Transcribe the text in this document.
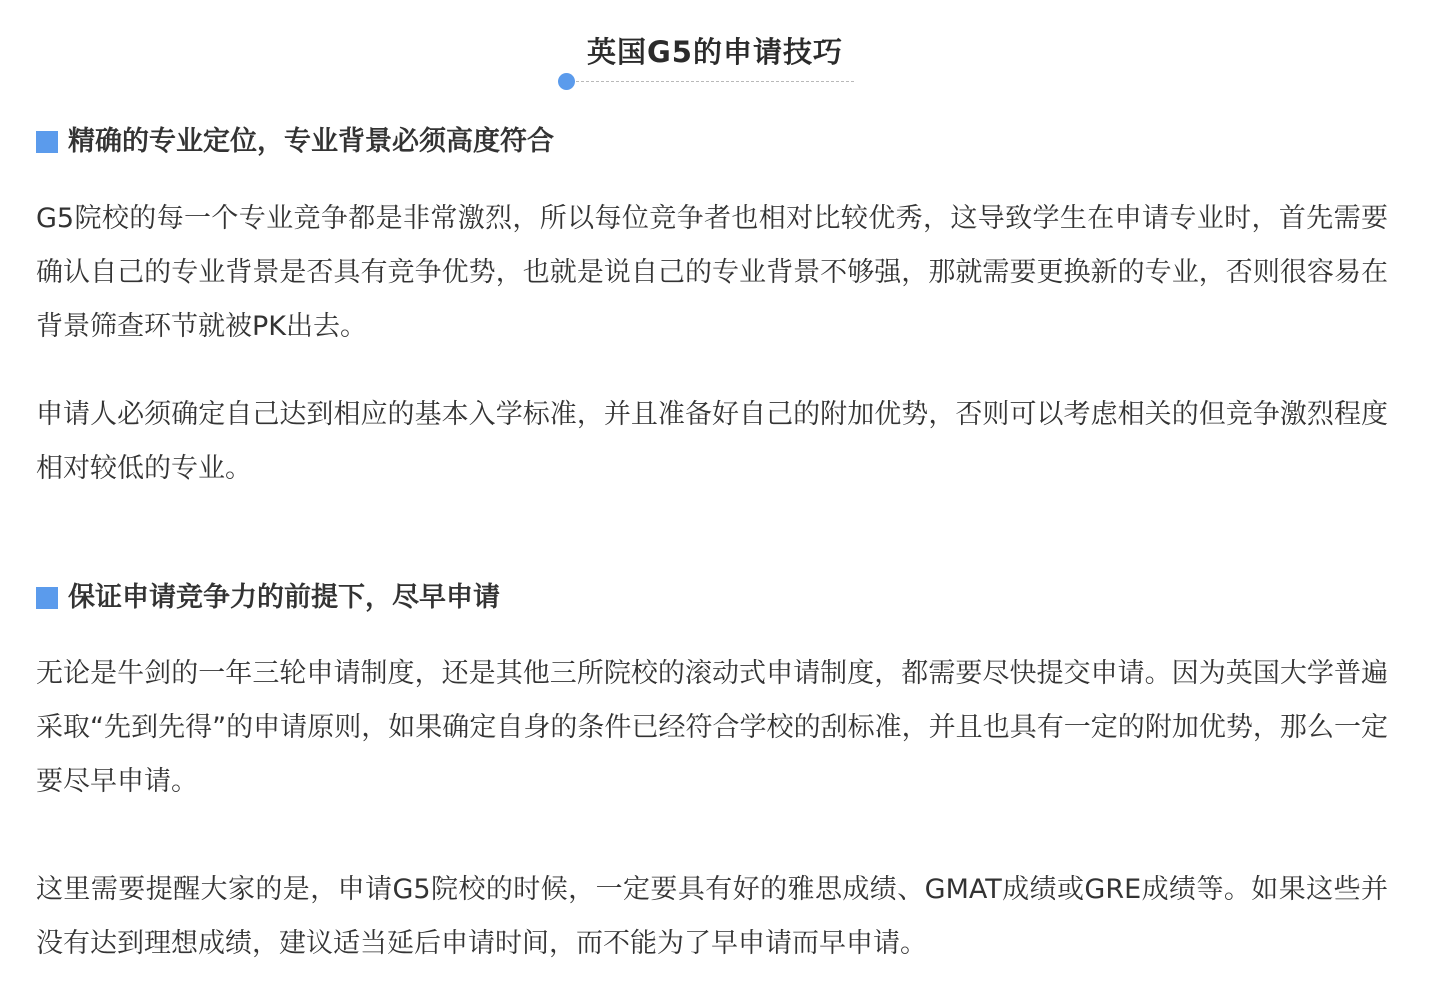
英国G5的申请技巧
精确的专业定位，专业背景必须高度符合

G5院校的每一个专业竞争都是非常激烈，所以每位竞争者也相对比较优秀，这导致学生在申请专业时，首先需要确认自己的专业背景是否具有竞争优势，也就是说自己的专业背景不够强，那就需要更换新的专业，否则很容易在背景筛查环节就被PK出去。

申请人必须确定自己达到相应的基本入学标准，并且准备好自己的附加优势，否则可以考虑相关的但竞争激烈程度相对较低的专业。

保证申请竞争力的前提下，尽早申请

无论是牛剑的一年三轮申请制度，还是其他三所院校的滚动式申请制度，都需要尽快提交申请。因为英国大学普遍采取“先到先得”的申请原则，如果确定自身的条件已经符合学校的刮标准，并且也具有一定的附加优势，那么一定要尽早申请。

这里需要提醒大家的是，申请G5院校的时候，一定要具有好的雅思成绩、GMAT成绩或GRE成绩等。如果这些并没有达到理想成绩，建议适当延后申请时间，而不能为了早申请而早申请。
